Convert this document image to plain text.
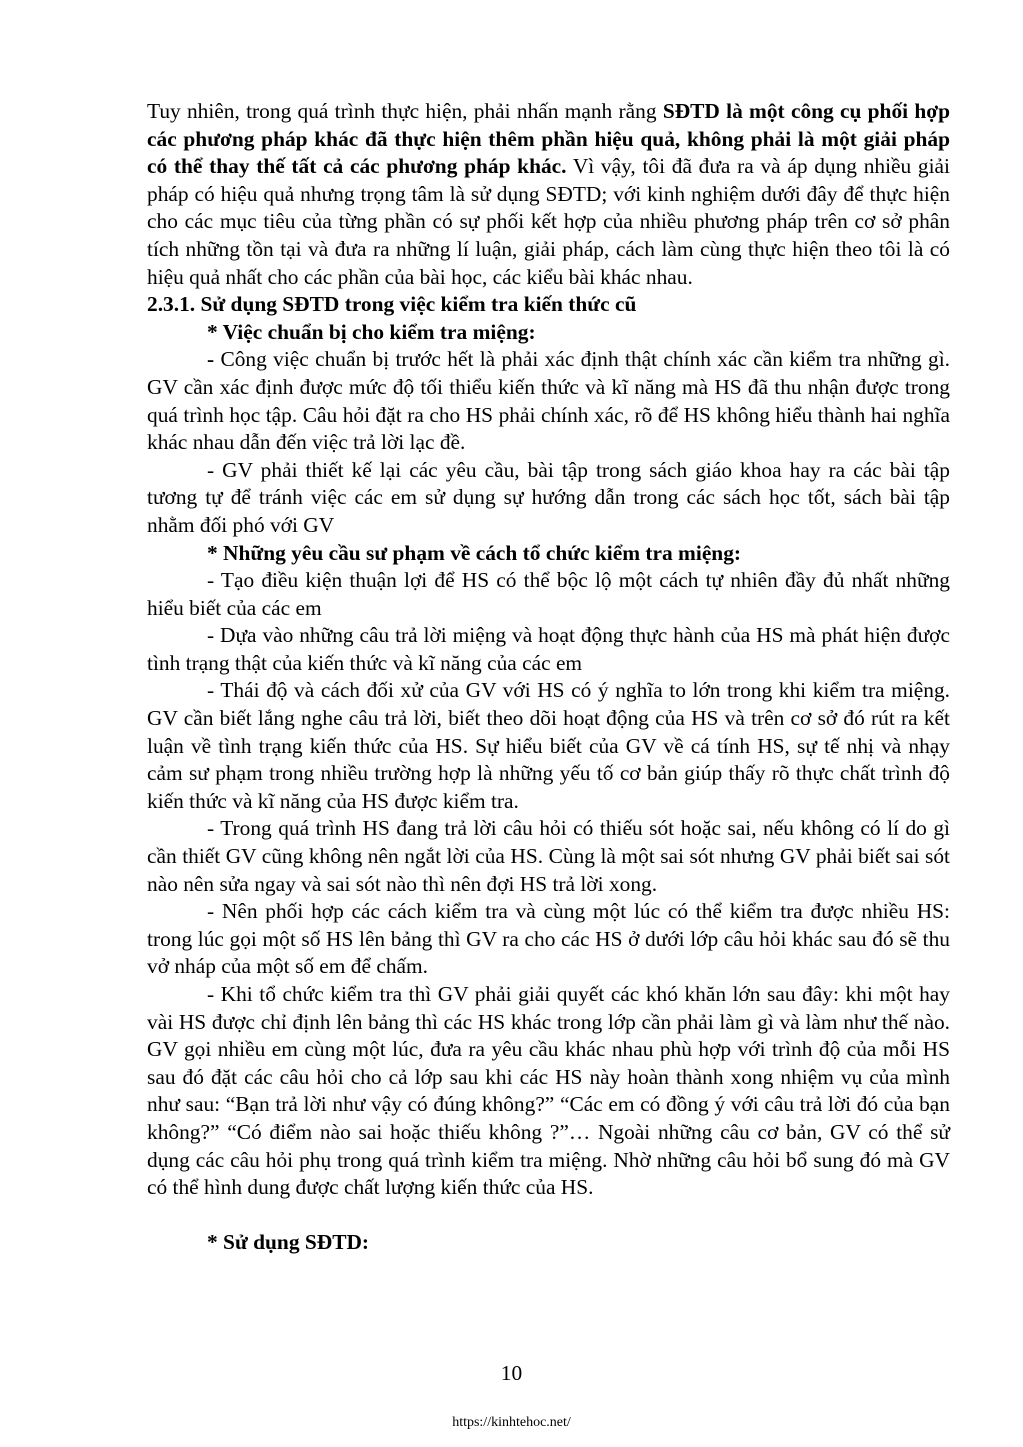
Tuy nhiên, trong quá trình thực hiện, phải nhấn mạnh rằng SĐTD là một công cụ phối hợp các phương pháp khác đã thực hiện thêm phần hiệu quả, không phải là một giải pháp có thể thay thế tất cả các phương pháp khác. Vì vậy, tôi đã đưa ra và áp dụng nhiều giải pháp có hiệu quả nhưng trọng tâm là sử dụng SĐTD; với kinh nghiệm dưới đây để thực hiện cho các mục tiêu của từng phần có sự phối kết hợp của nhiều phương pháp trên cơ sở phân tích những tồn tại và đưa ra những lí luận, giải pháp, cách làm cùng thực hiện theo tôi là có hiệu quả nhất cho các phần của bài học, các kiểu bài khác nhau.

2.3.1. Sử dụng SĐTD trong việc kiểm tra kiến thức cũ

* Việc chuẩn bị cho kiểm tra miệng:

- Công việc chuẩn bị trước hết là phải xác định thật chính xác cần kiểm tra những gì. GV cần xác định được mức độ tối thiểu kiến thức và kĩ năng mà HS đã thu nhận được trong quá trình học tập. Câu hỏi đặt ra cho HS phải chính xác, rõ để HS không hiểu thành hai nghĩa khác nhau dẫn đến việc trả lời lạc đề.

- GV phải thiết kế lại các yêu cầu, bài tập trong sách giáo khoa hay ra các bài tập tương tự để tránh việc các em sử dụng sự hướng dẫn trong các sách học tốt, sách bài tập nhằm đối phó với GV

* Những yêu cầu sư phạm về cách tổ chức kiểm tra miệng:

- Tạo điều kiện thuận lợi để HS có thể bộc lộ một cách tự nhiên đầy đủ nhất những hiểu biết của các em

- Dựa vào những câu trả lời miệng và hoạt động thực hành của HS mà phát hiện được tình trạng thật của kiến thức và kĩ năng của các em

- Thái độ và cách đối xử của GV với HS có ý nghĩa to lớn trong khi kiểm tra miệng. GV cần biết lắng nghe câu trả lời, biết theo dõi hoạt động của HS và trên cơ sở đó rút ra kết luận về tình trạng kiến thức của HS. Sự hiểu biết của GV về cá tính HS, sự tế nhị và nhạy cảm sư phạm trong nhiều trường hợp là những yếu tố cơ bản giúp thấy rõ thực chất trình độ kiến thức và kĩ năng của HS được kiểm tra.

- Trong quá trình HS đang trả lời câu hỏi có thiếu sót hoặc sai, nếu không có lí do gì cần thiết GV cũng không nên ngắt lời của HS. Cùng là một sai sót nhưng GV phải biết sai sót nào nên sửa ngay và sai sót nào thì nên đợi HS trả lời xong.

- Nên phối hợp các cách kiểm tra và cùng một lúc có thể kiểm tra được nhiều HS: trong lúc gọi một số HS lên bảng thì GV ra cho các HS ở dưới lớp câu hỏi khác sau đó sẽ thu vở nháp của một số em để chấm.

- Khi tổ chức kiểm tra thì GV phải giải quyết các khó khăn lớn sau đây: khi một hay vài HS được chỉ định lên bảng thì các HS khác trong lớp cần phải làm gì và làm như thế nào. GV gọi nhiều em cùng một lúc, đưa ra yêu cầu khác nhau phù hợp với trình độ của mỗi HS sau đó đặt các câu hỏi cho cả lớp sau khi các HS này hoàn thành xong nhiệm vụ của mình như sau: “Bạn trả lời như vậy có đúng không?” “Các em có đồng ý với câu trả lời đó của bạn không?” “Có điểm nào sai hoặc thiếu không ?”… Ngoài những câu cơ bản, GV có thể sử dụng các câu hỏi phụ trong quá trình kiểm tra miệng. Nhờ những câu hỏi bổ sung đó mà GV có thể hình dung được chất lượng kiến thức của HS.

* Sử dụng SĐTD:

10
https://kinhtehoc.net/
